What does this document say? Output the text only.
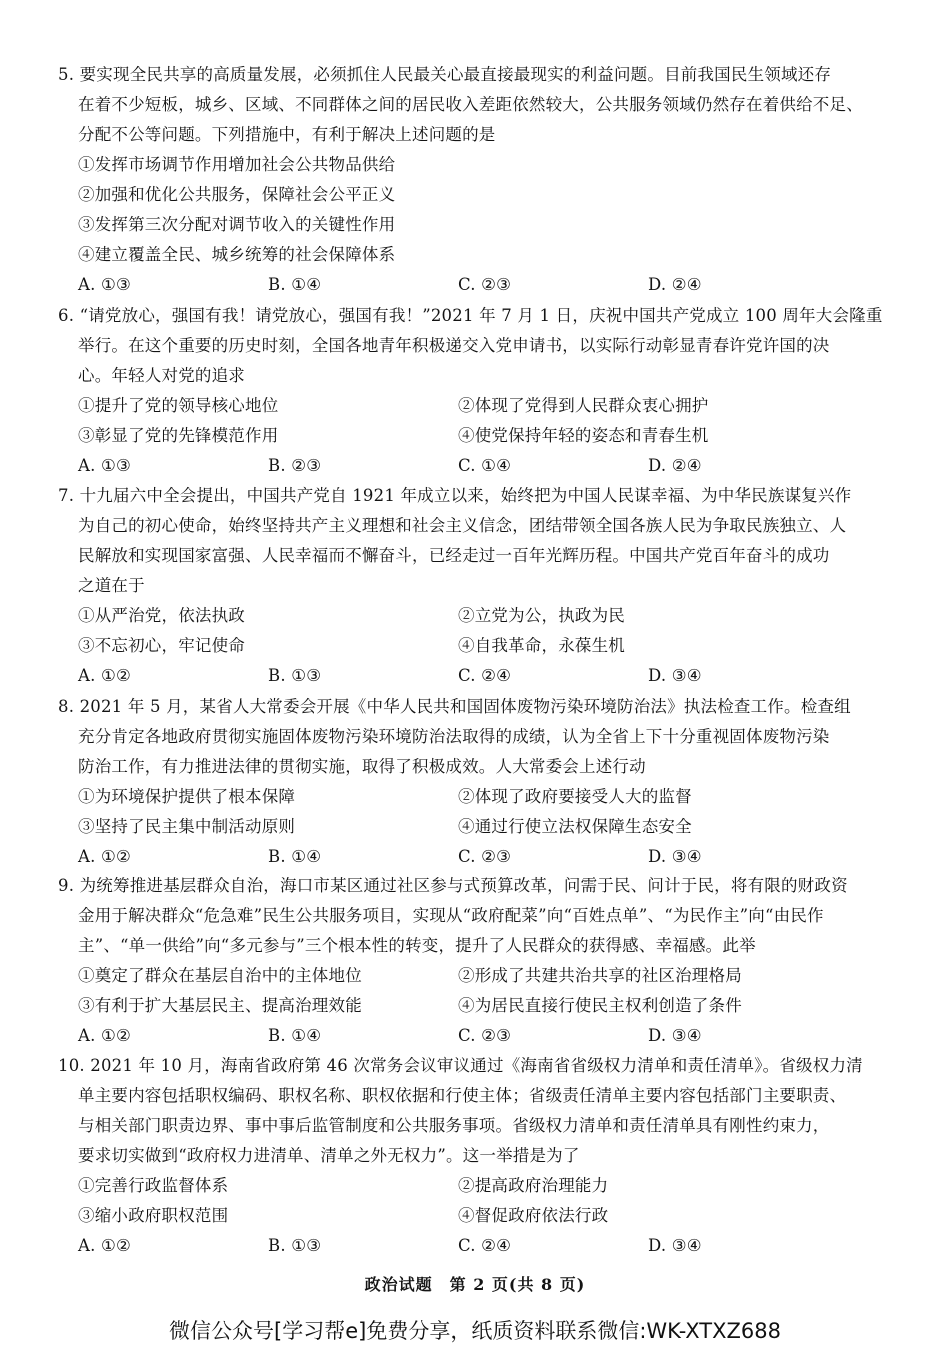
5. 要实现全民共享的高质量发展，必须抓住人民最关心最直接最现实的利益问题。目前我国民生领域还存
在着不少短板，城乡、区域、不同群体之间的居民收入差距依然较大，公共服务领域仍然存在着供给不足、
分配不公等问题。下列措施中，有利于解决上述问题的是
①发挥市场调节作用增加社会公共物品供给
②加强和优化公共服务，保障社会公平正义
③发挥第三次分配对调节收入的关键性作用
④建立覆盖全民、城乡统筹的社会保障体系
A. ①③	B. ①④	C. ②③	D. ②④
6. “请党放心，强国有我！请党放心，强国有我！”2021 年 7 月 1 日，庆祝中国共产党成立 100 周年大会隆重
举行。在这个重要的历史时刻，全国各地青年积极递交入党申请书，以实际行动彰显青春许党许国的决
心。年轻人对党的追求
①提升了党的领导核心地位	②体现了党得到人民群众衷心拥护
③彰显了党的先锋模范作用	④使党保持年轻的姿态和青春生机
A. ①③	B. ②③	C. ①④	D. ②④
7. 十九届六中全会提出，中国共产党自 1921 年成立以来，始终把为中国人民谋幸福、为中华民族谋复兴作
为自己的初心使命，始终坚持共产主义理想和社会主义信念，团结带领全国各族人民为争取民族独立、人
民解放和实现国家富强、人民幸福而不懈奋斗，已经走过一百年光辉历程。中国共产党百年奋斗的成功
之道在于
①从严治党，依法执政	②立党为公，执政为民
③不忘初心，牢记使命	④自我革命，永葆生机
A. ①②	B. ①③	C. ②④	D. ③④
8. 2021 年 5 月，某省人大常委会开展《中华人民共和国固体废物污染环境防治法》执法检查工作。检查组
充分肯定各地政府贯彻实施固体废物污染环境防治法取得的成绩，认为全省上下十分重视固体废物污染
防治工作，有力推进法律的贯彻实施，取得了积极成效。人大常委会上述行动
①为环境保护提供了根本保障	②体现了政府要接受人大的监督
③坚持了民主集中制活动原则	④通过行使立法权保障生态安全
A. ①②	B. ①④	C. ②③	D. ③④
9. 为统筹推进基层群众自治，海口市某区通过社区参与式预算改革，问需于民、问计于民，将有限的财政资
金用于解决群众“危急难”民生公共服务项目，实现从“政府配菜”向“百姓点单”、“为民作主”向“由民作
主”、“单一供给”向“多元参与”三个根本性的转变，提升了人民群众的获得感、幸福感。此举
①奠定了群众在基层自治中的主体地位	②形成了共建共治共享的社区治理格局
③有利于扩大基层民主、提高治理效能	④为居民直接行使民主权利创造了条件
A. ①②	B. ①④	C. ②③	D. ③④
10. 2021 年 10 月，海南省政府第 46 次常务会议审议通过《海南省省级权力清单和责任清单》。省级权力清
单主要内容包括职权编码、职权名称、职权依据和行使主体；省级责任清单主要内容包括部门主要职责、
与相关部门职责边界、事中事后监管制度和公共服务事项。省级权力清单和责任清单具有刚性约束力，
要求切实做到“政府权力进清单、清单之外无权力”。这一举措是为了
①完善行政监督体系	②提高政府治理能力
③缩小政府职权范围	④督促政府依法行政
A. ①②	B. ①③	C. ②④	D. ③④
政治试题　第 2 页(共 8 页)
微信公众号[学习帮e]免费分享，纸质资料联系微信:WK-XTXZ688
